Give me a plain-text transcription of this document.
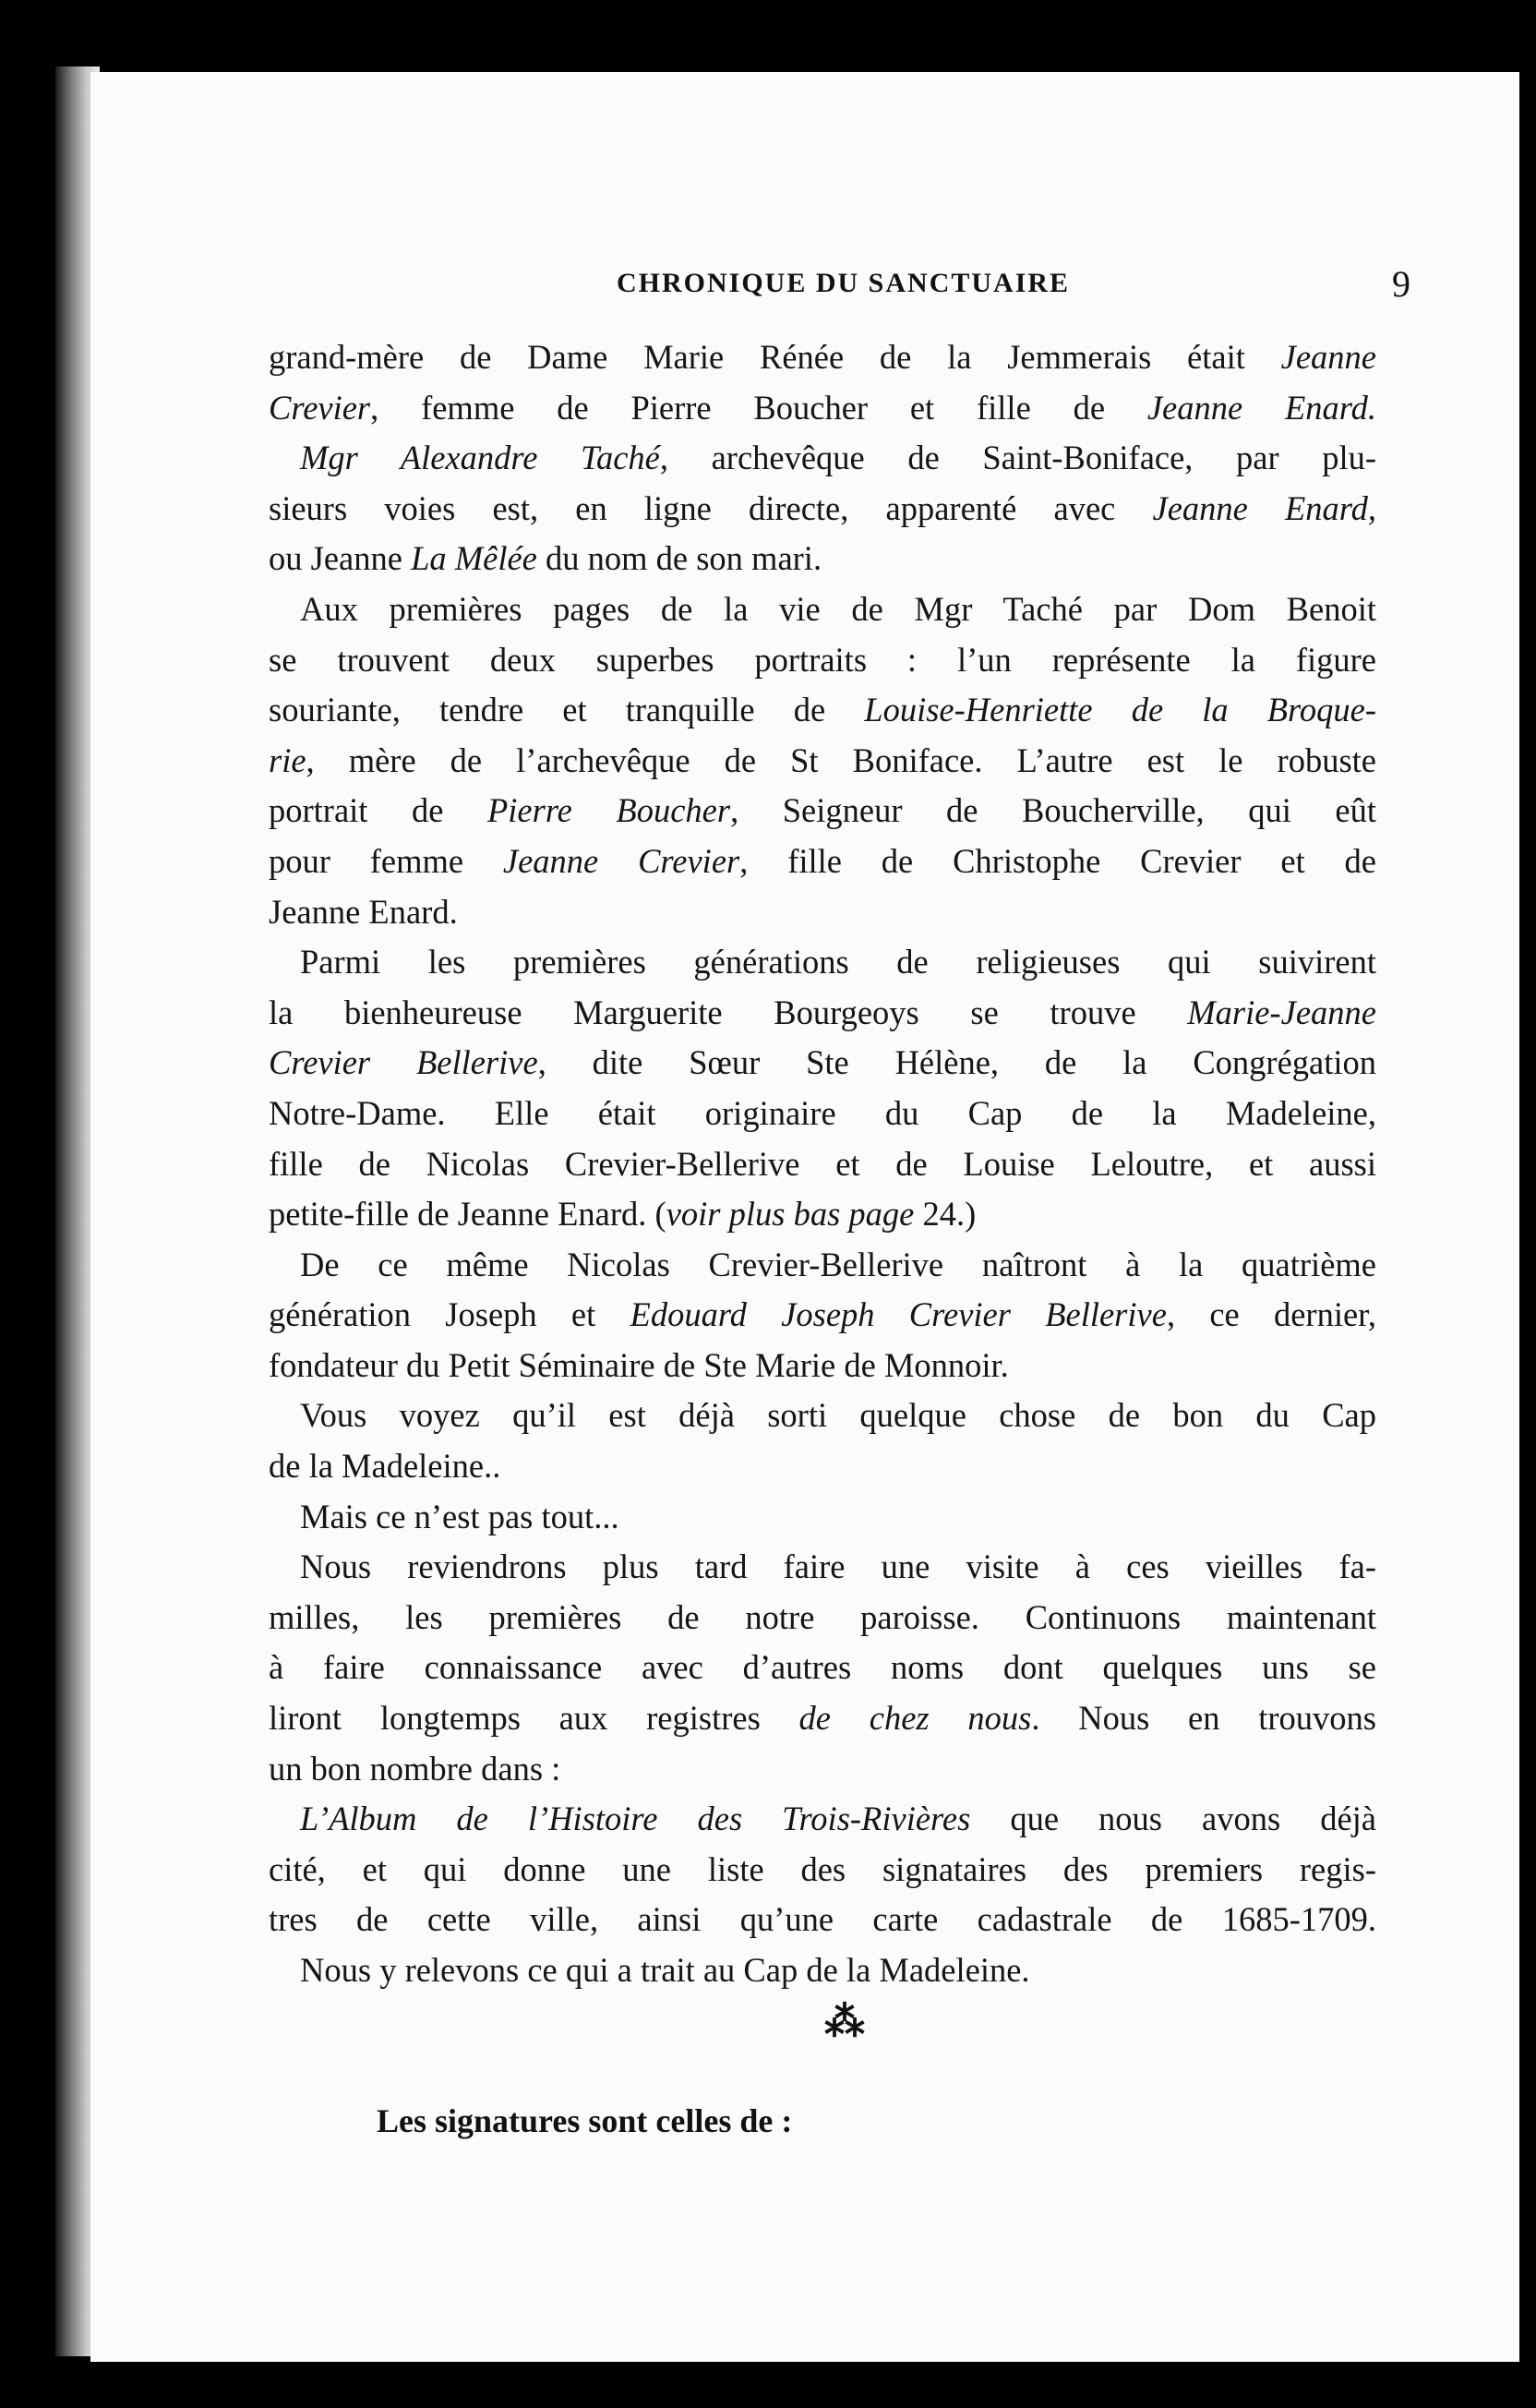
CHRONIQUE DU SANCTUAIRE	9
grand-mère de Dame Marie Rénée de la Jemmerais était Jeanne
Crevier, femme de Pierre Boucher et fille de Jeanne Enard.
Mgr Alexandre Taché, archevêque de Saint-Boniface, par plu-
sieurs voies est, en ligne directe, apparenté avec Jeanne Enard,
ou Jeanne La Mêlée du nom de son mari.
Aux premières pages de la vie de Mgr Taché par Dom Benoit
se trouvent deux superbes portraits : l’un représente la figure
souriante, tendre et tranquille de Louise-Henriette de la Broque-
rie, mère de l’archevêque de St Boniface. L’autre est le robuste
portrait de Pierre Boucher, Seigneur de Boucherville, qui eût
pour femme Jeanne Crevier, fille de Christophe Crevier et de
Jeanne Enard.
Parmi les premières générations de religieuses qui suivirent
la bienheureuse Marguerite Bourgeoys se trouve Marie-Jeanne
Crevier Bellerive, dite Sœur Ste Hélène, de la Congrégation
Notre-Dame. Elle était originaire du Cap de la Madeleine,
fille de Nicolas Crevier-Bellerive et de Louise Leloutre, et aussi
petite-fille de Jeanne Enard. (voir plus bas page 24.)
De ce même Nicolas Crevier-Bellerive naîtront à la quatrième
génération Joseph et Edouard Joseph Crevier Bellerive, ce dernier,
fondateur du Petit Séminaire de Ste Marie de Monnoir.
Vous voyez qu’il est déjà sorti quelque chose de bon du Cap
de la Madeleine..
Mais ce n’est pas tout...
Nous reviendrons plus tard faire une visite à ces vieilles fa-
milles, les premières de notre paroisse. Continuons maintenant
à faire connaissance avec d’autres noms dont quelques uns se
liront longtemps aux registres de chez nous. Nous en trouvons
un bon nombre dans :
L’Album de l’Histoire des Trois-Rivières que nous avons déjà
cité, et qui donne une liste des signataires des premiers regis-
tres de cette ville, ainsi qu’une carte cadastrale de 1685-1709.
Nous y relevons ce qui a trait au Cap de la Madeleine.
⁂
Les signatures sont celles de :
